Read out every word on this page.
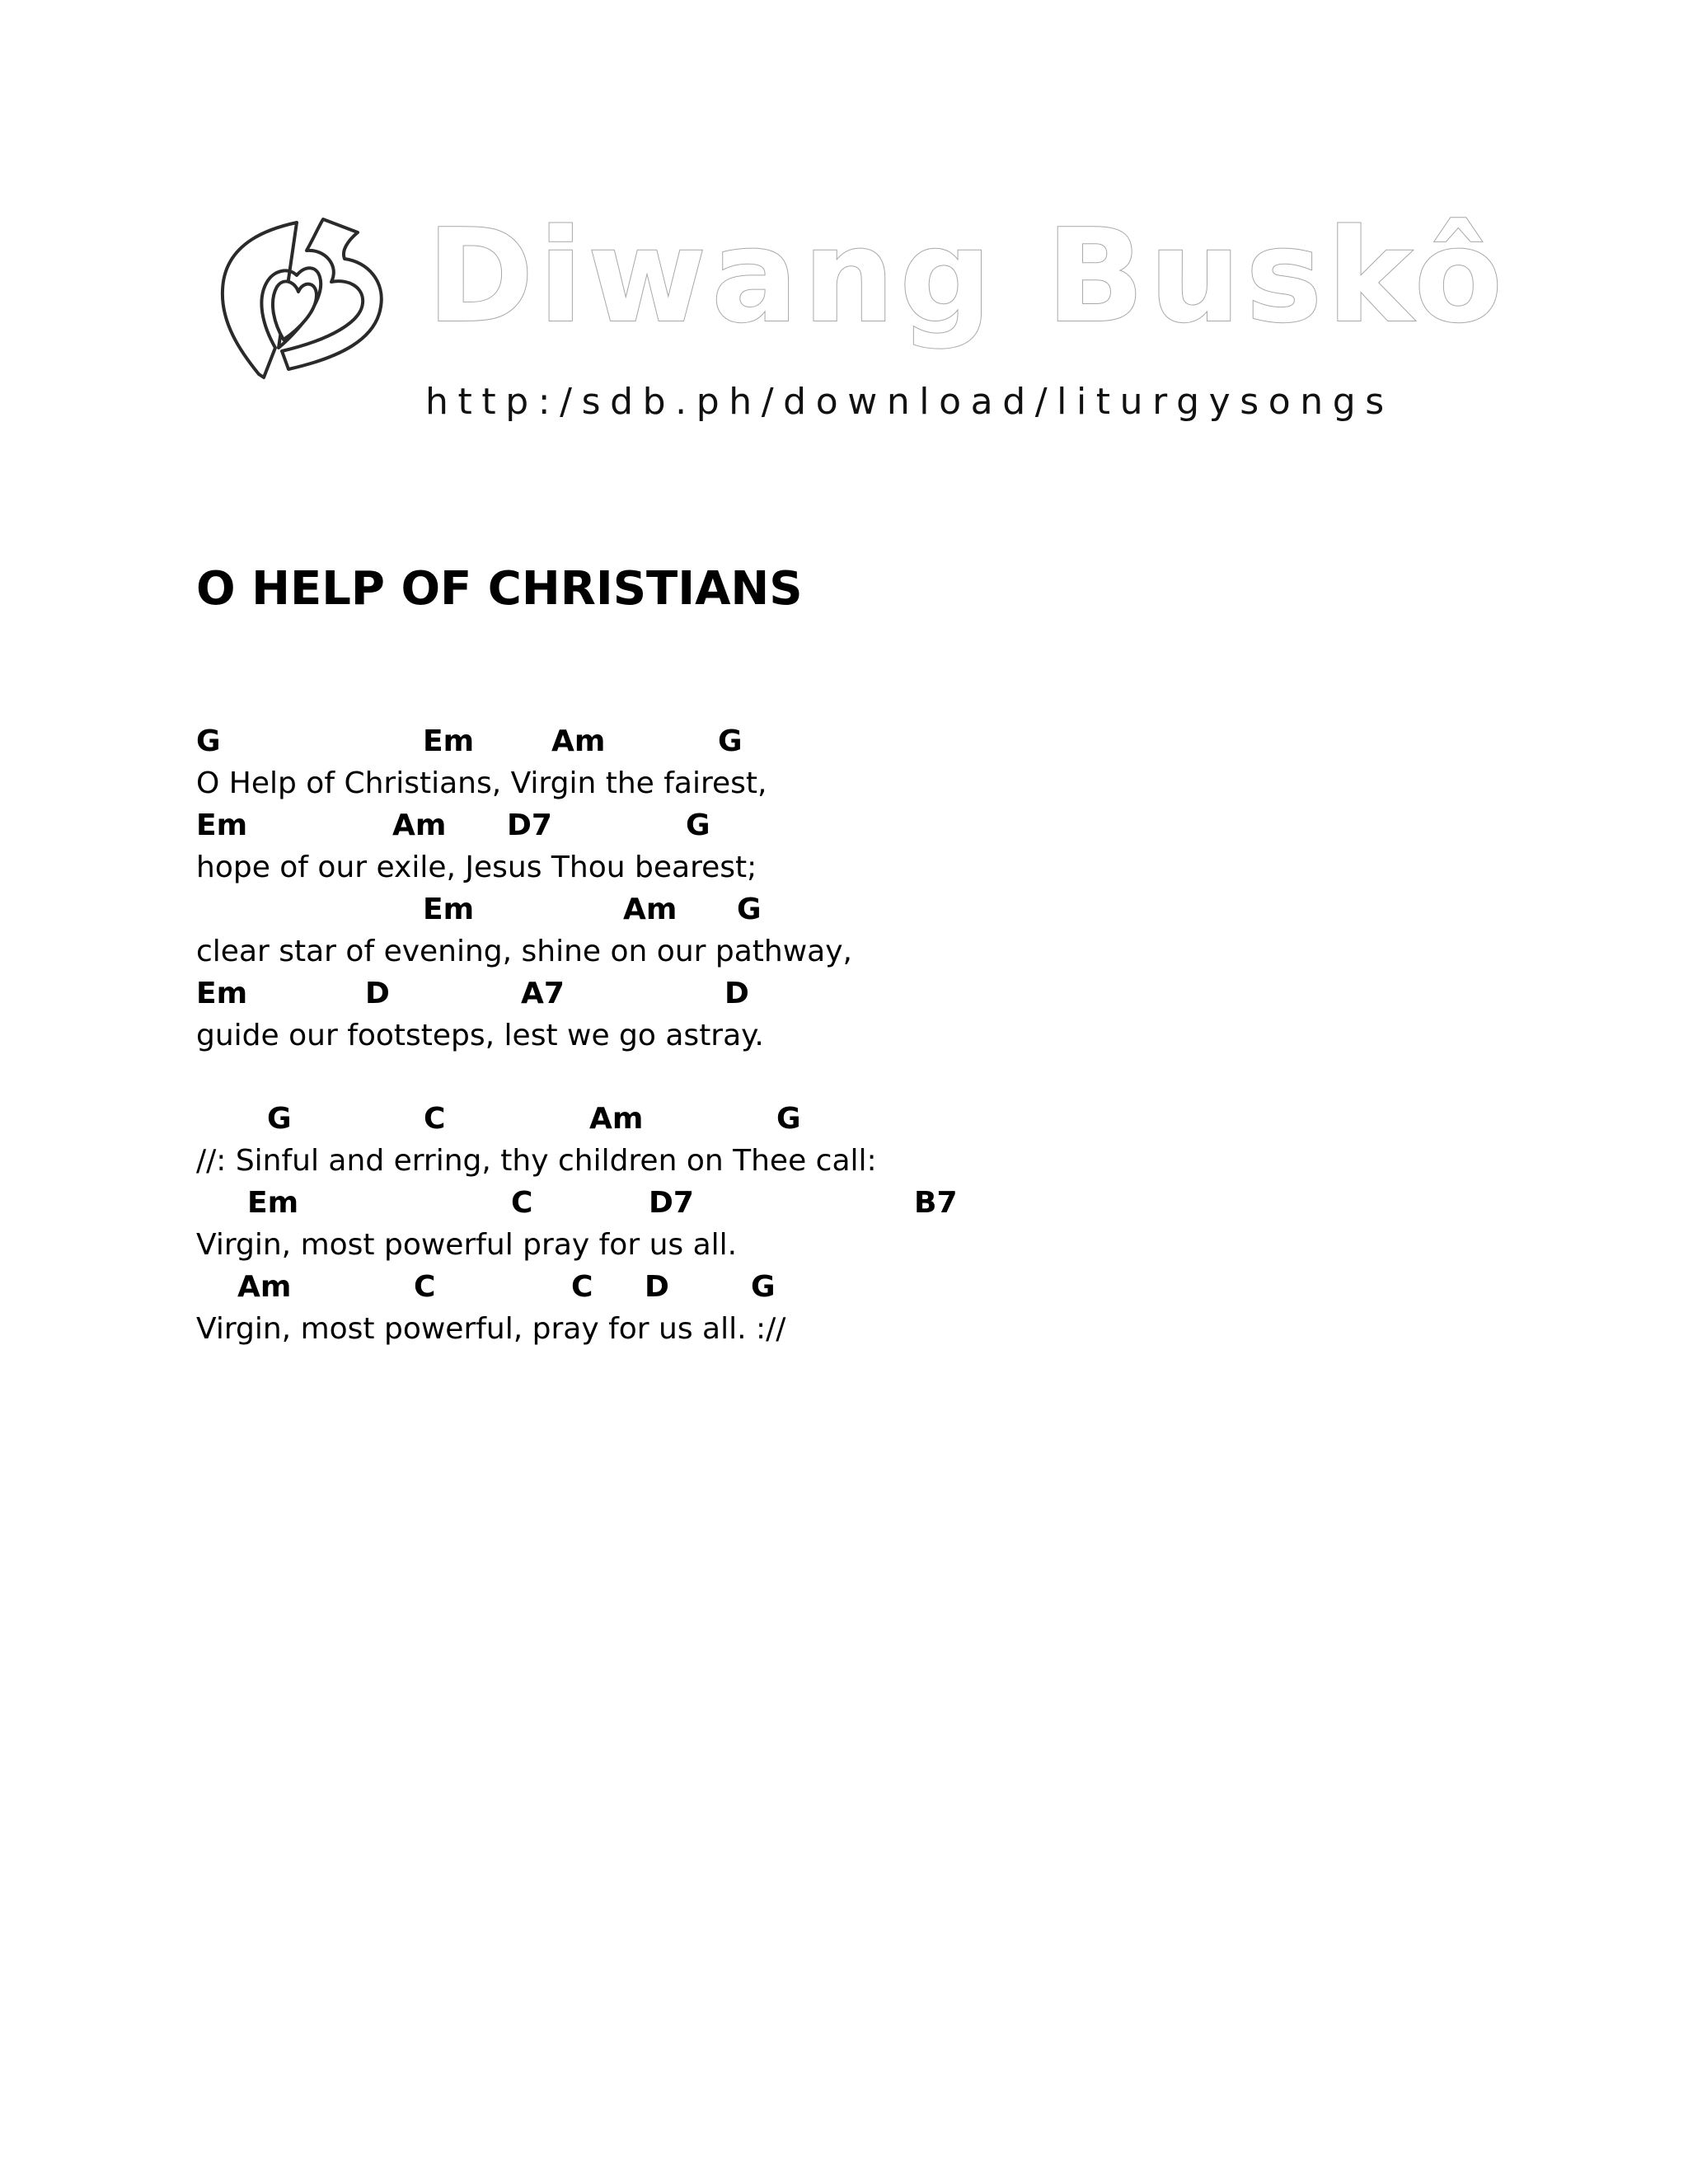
Diwang Buskô
http:/sdb.ph/download/liturgysongs
O HELP OF CHRISTIANS
G	Em	Am	G
O Help of Christians, Virgin the fairest,
Em	Am D7	G
hope of our exile, Jesus Thou bearest;
Em	Am G
clear star of evening, shine on our pathway,
Em	D	A7	D
guide our footsteps, lest we go astray.
G	C	Am	G
//: Sinful and erring, thy children on Thee call:
Em	C	D7	B7
Virgin, most powerful pray for us all.
Am	C	C D	G
Virgin, most powerful, pray for us all. ://
